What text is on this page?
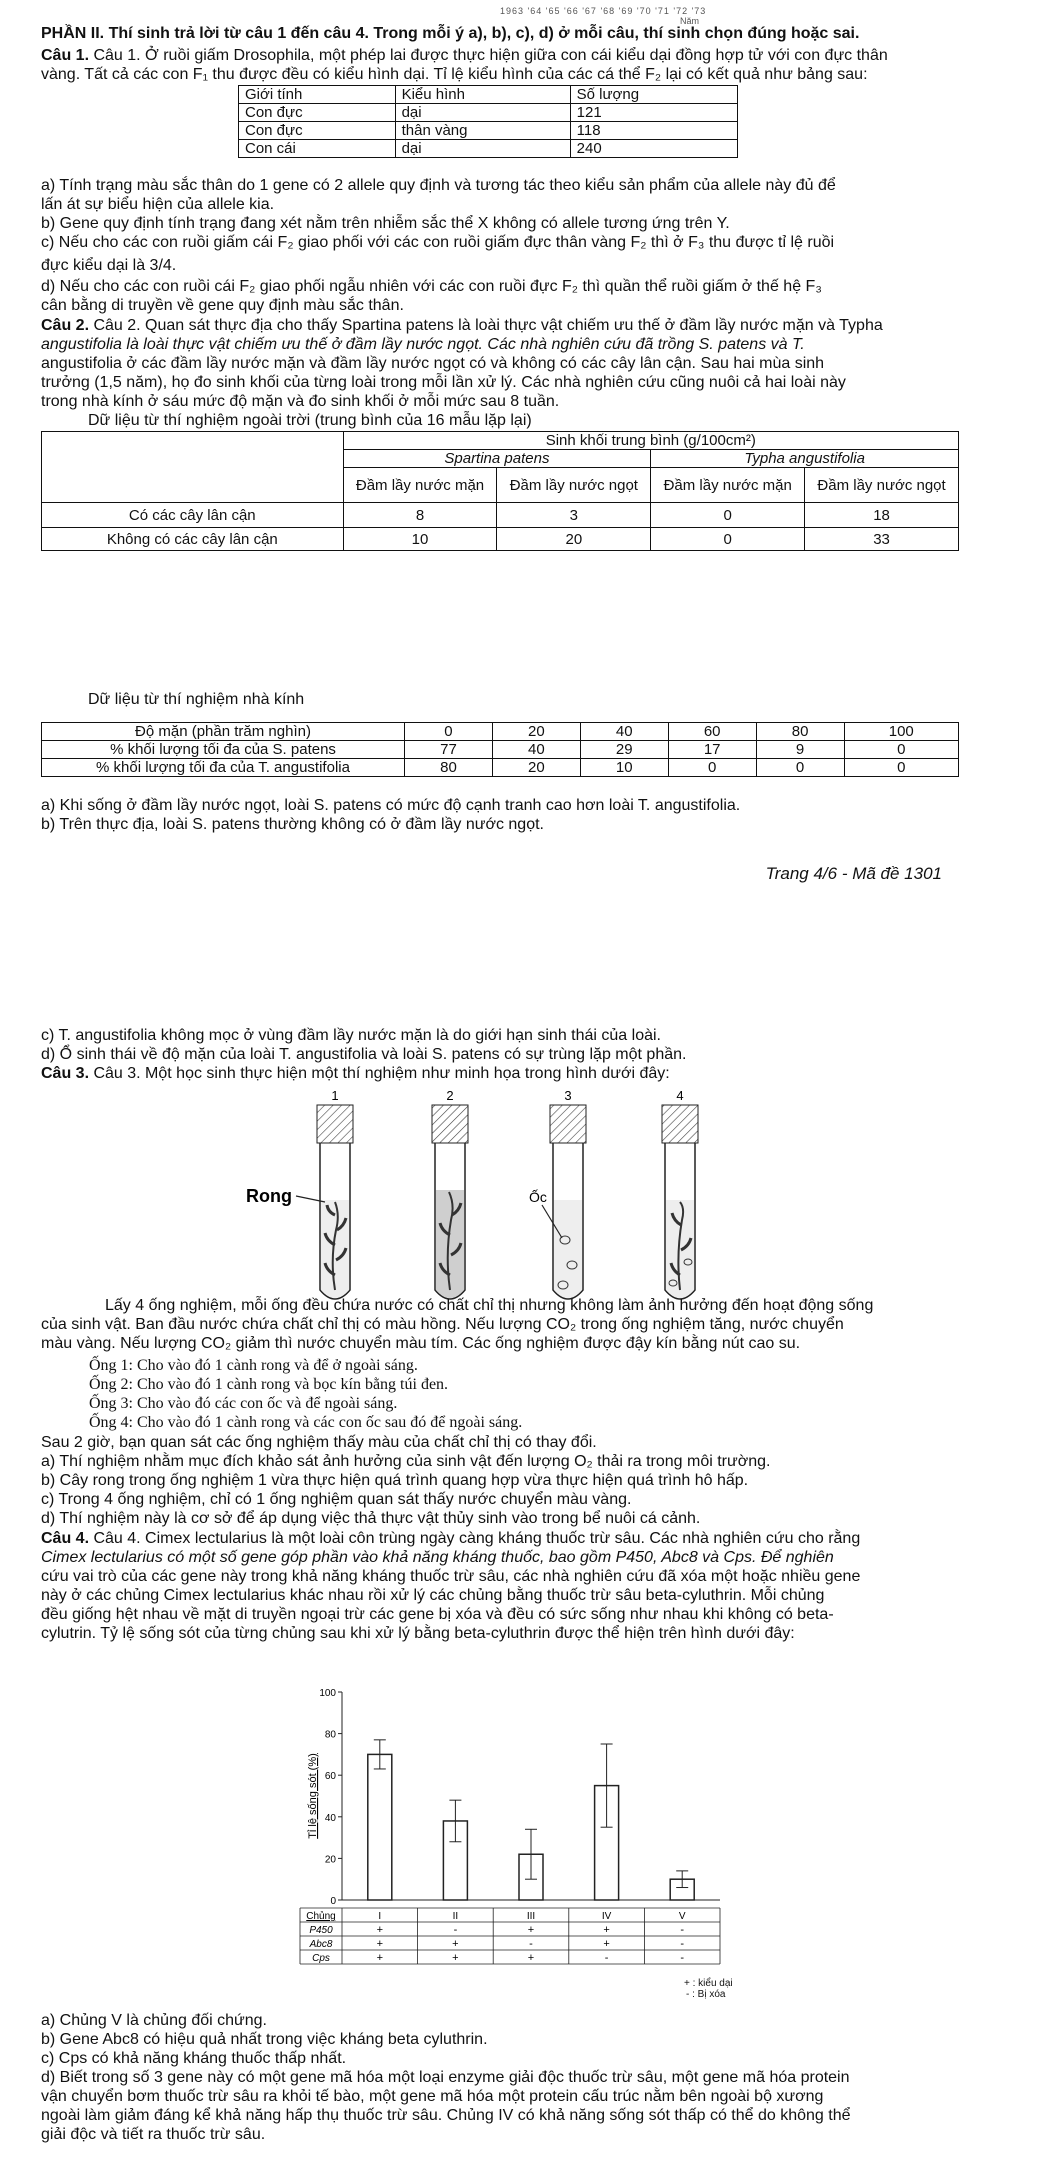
1963 '64 '65 '66 '67 '68 '69 '70 '71 '72 '73
Năm

PHẦN II. Thí sinh trả lời từ câu 1 đến câu 4. Trong mỗi ý a), b), c), d) ở mỗi câu, thí sinh chọn đúng hoặc sai.

Câu 1. Câu 1. Ở ruồi giấm Drosophila, một phép lai được thực hiện giữa con cái kiểu dại đồng hợp tử với con đực thân

vàng. Tất cả các con F₁ thu được đều có kiểu hình dại. Tỉ lệ kiểu hình của các cá thể F₂ lại có kết quả như bảng sau:

Giới tính	Kiểu hình	Số lượng
Con đực	dại	121
Con đực	thân vàng	118
Con cái	dại	240

a) Tính trạng màu sắc thân do 1 gene có 2 allele quy định và tương tác theo kiểu sản phẩm của allele này đủ để

lấn át sự biểu hiện của allele kia.

b) Gene quy định tính trạng đang xét nằm trên nhiễm sắc thể X không có allele tương ứng trên Y.

c) Nếu cho các con ruồi giấm cái F₂ giao phối với các con ruồi giấm đực thân vàng F₂ thì ở F₃ thu được tỉ lệ ruồi

đực kiểu dại là 3/4.

d) Nếu cho các con ruồi cái F₂ giao phối ngẫu nhiên với các con ruồi đực F₂ thì quần thể ruồi giấm ở thế hệ F₃

cân bằng di truyền về gene quy định màu sắc thân.

Câu 2. Câu 2. Quan sát thực địa cho thấy Spartina patens là loài thực vật chiếm ưu thế ở đầm lầy nước mặn và Typha

angustifolia là loài thực vật chiếm ưu thế ở đầm lầy nước ngọt. Các nhà nghiên cứu đã trồng S. patens và T.

angustifolia ở các đầm lầy nước mặn và đầm lầy nước ngọt có và không có các cây lân cận. Sau hai mùa sinh

trưởng (1,5 năm), họ đo sinh khối của từng loài trong mỗi lần xử lý. Các nhà nghiên cứu cũng nuôi cả hai loài này

trong nhà kính ở sáu mức độ mặn và đo sinh khối ở mỗi mức sau 8 tuần.

Dữ liệu từ thí nghiệm ngoài trời (trung bình của 16 mẫu lặp lại)

	Sinh khối trung bình (g/100cm²)			
	Spartina patens		Typha angustifolia	
	Đầm lầy nước mặn	Đầm lầy nước ngọt	Đầm lầy nước mặn	Đầm lầy nước ngọt
Có các cây lân cận	8	3	0	18
Không có các cây lân cận	10	20	0	33

Dữ liệu từ thí nghiệm nhà kính

Độ mặn (phần trăm nghìn)	0	20	40	60	80	100
% khối lượng tối đa của S. patens	77	40	29	17	9	0
% khối lượng tối đa của T. angustifolia	80	20	10	0	0	0

a) Khi sống ở đầm lầy nước ngọt, loài S. patens có mức độ cạnh tranh cao hơn loài T. angustifolia.

b) Trên thực địa, loài S. patens thường không có ở đầm lầy nước ngọt.

Trang 4/6 - Mã đề 1301

c) T. angustifolia không mọc ở vùng đầm lầy nước mặn là do giới hạn sinh thái của loài.

d) Ổ sinh thái về độ mặn của loài T. angustifolia và loài S. patens có sự trùng lặp một phần.

Câu 3. Câu 3. Một học sinh thực hiện một thí nghiệm như minh họa trong hình dưới đây:

1	2	3	4
Rong	Ốc

Lấy 4 ống nghiệm, mỗi ống đều chứa nước có chất chỉ thị nhưng không làm ảnh hưởng đến hoạt động sống

của sinh vật. Ban đầu nước chứa chất chỉ thị có màu hồng. Nếu lượng CO₂ trong ống nghiệm tăng, nước chuyển

màu vàng. Nếu lượng CO₂ giảm thì nước chuyển màu tím. Các ống nghiệm được đậy kín bằng nút cao su.

Ống 1: Cho vào đó 1 cành rong và để ở ngoài sáng.

Ống 2: Cho vào đó 1 cành rong và bọc kín bằng túi đen.

Ống 3: Cho vào đó các con ốc và để ngoài sáng.

Ống 4: Cho vào đó 1 cành rong và các con ốc sau đó để ngoài sáng.

Sau 2 giờ, bạn quan sát các ống nghiệm thấy màu của chất chỉ thị có thay đổi.

a) Thí nghiệm nhằm mục đích khảo sát ảnh hưởng của sinh vật đến lượng O₂ thải ra trong môi trường.

b) Cây rong trong ống nghiệm 1 vừa thực hiện quá trình quang hợp vừa thực hiện quá trình hô hấp.

c) Trong 4 ống nghiệm, chỉ có 1 ống nghiệm quan sát thấy nước chuyển màu vàng.

d) Thí nghiệm này là cơ sở để áp dụng việc thả thực vật thủy sinh vào trong bể nuôi cá cảnh.

Câu 4. Câu 4. Cimex lectularius là một loài côn trùng ngày càng kháng thuốc trừ sâu. Các nhà nghiên cứu cho rằng

Cimex lectularius có một số gene góp phần vào khả năng kháng thuốc, bao gồm P450, Abc8 và Cps. Để nghiên

cứu vai trò của các gene này trong khả năng kháng thuốc trừ sâu, các nhà nghiên cứu đã xóa một hoặc nhiều gene

này ở các chủng Cimex lectularius khác nhau rồi xử lý các chủng bằng thuốc trừ sâu beta-cyluthrin. Mỗi chủng

đều giống hệt nhau về mặt di truyền ngoại trừ các gene bị xóa và đều có sức sống như nhau khi không có beta-

cylutrin. Tỷ lệ sống sót của từng chủng sau khi xử lý bằng beta-cyluthrin được thể hiện trên hình dưới đây:

0
20
40
60
80
100
Tỉ lệ sống sót (%)
Chủng	I	II	III	IV	V
P450	+	-	+	+	-
Abc8	+	+	-	+	-
Cps	+	+	+	-	-
+ : kiểu dại
- : Bị xóa

a) Chủng V là chủng đối chứng.

b) Gene Abc8 có hiệu quả nhất trong việc kháng beta cyluthrin.

c) Cps có khả năng kháng thuốc thấp nhất.

d) Biết trong số 3 gene này có một gene mã hóa một loại enzyme giải độc thuốc trừ sâu, một gene mã hóa protein

vận chuyển bơm thuốc trừ sâu ra khỏi tế bào, một gene mã hóa một protein cấu trúc nằm bên ngoài bộ xương

ngoài làm giảm đáng kể khả năng hấp thụ thuốc trừ sâu. Chủng IV có khả năng sống sót thấp có thể do không thể

giải độc và tiết ra thuốc trừ sâu.
